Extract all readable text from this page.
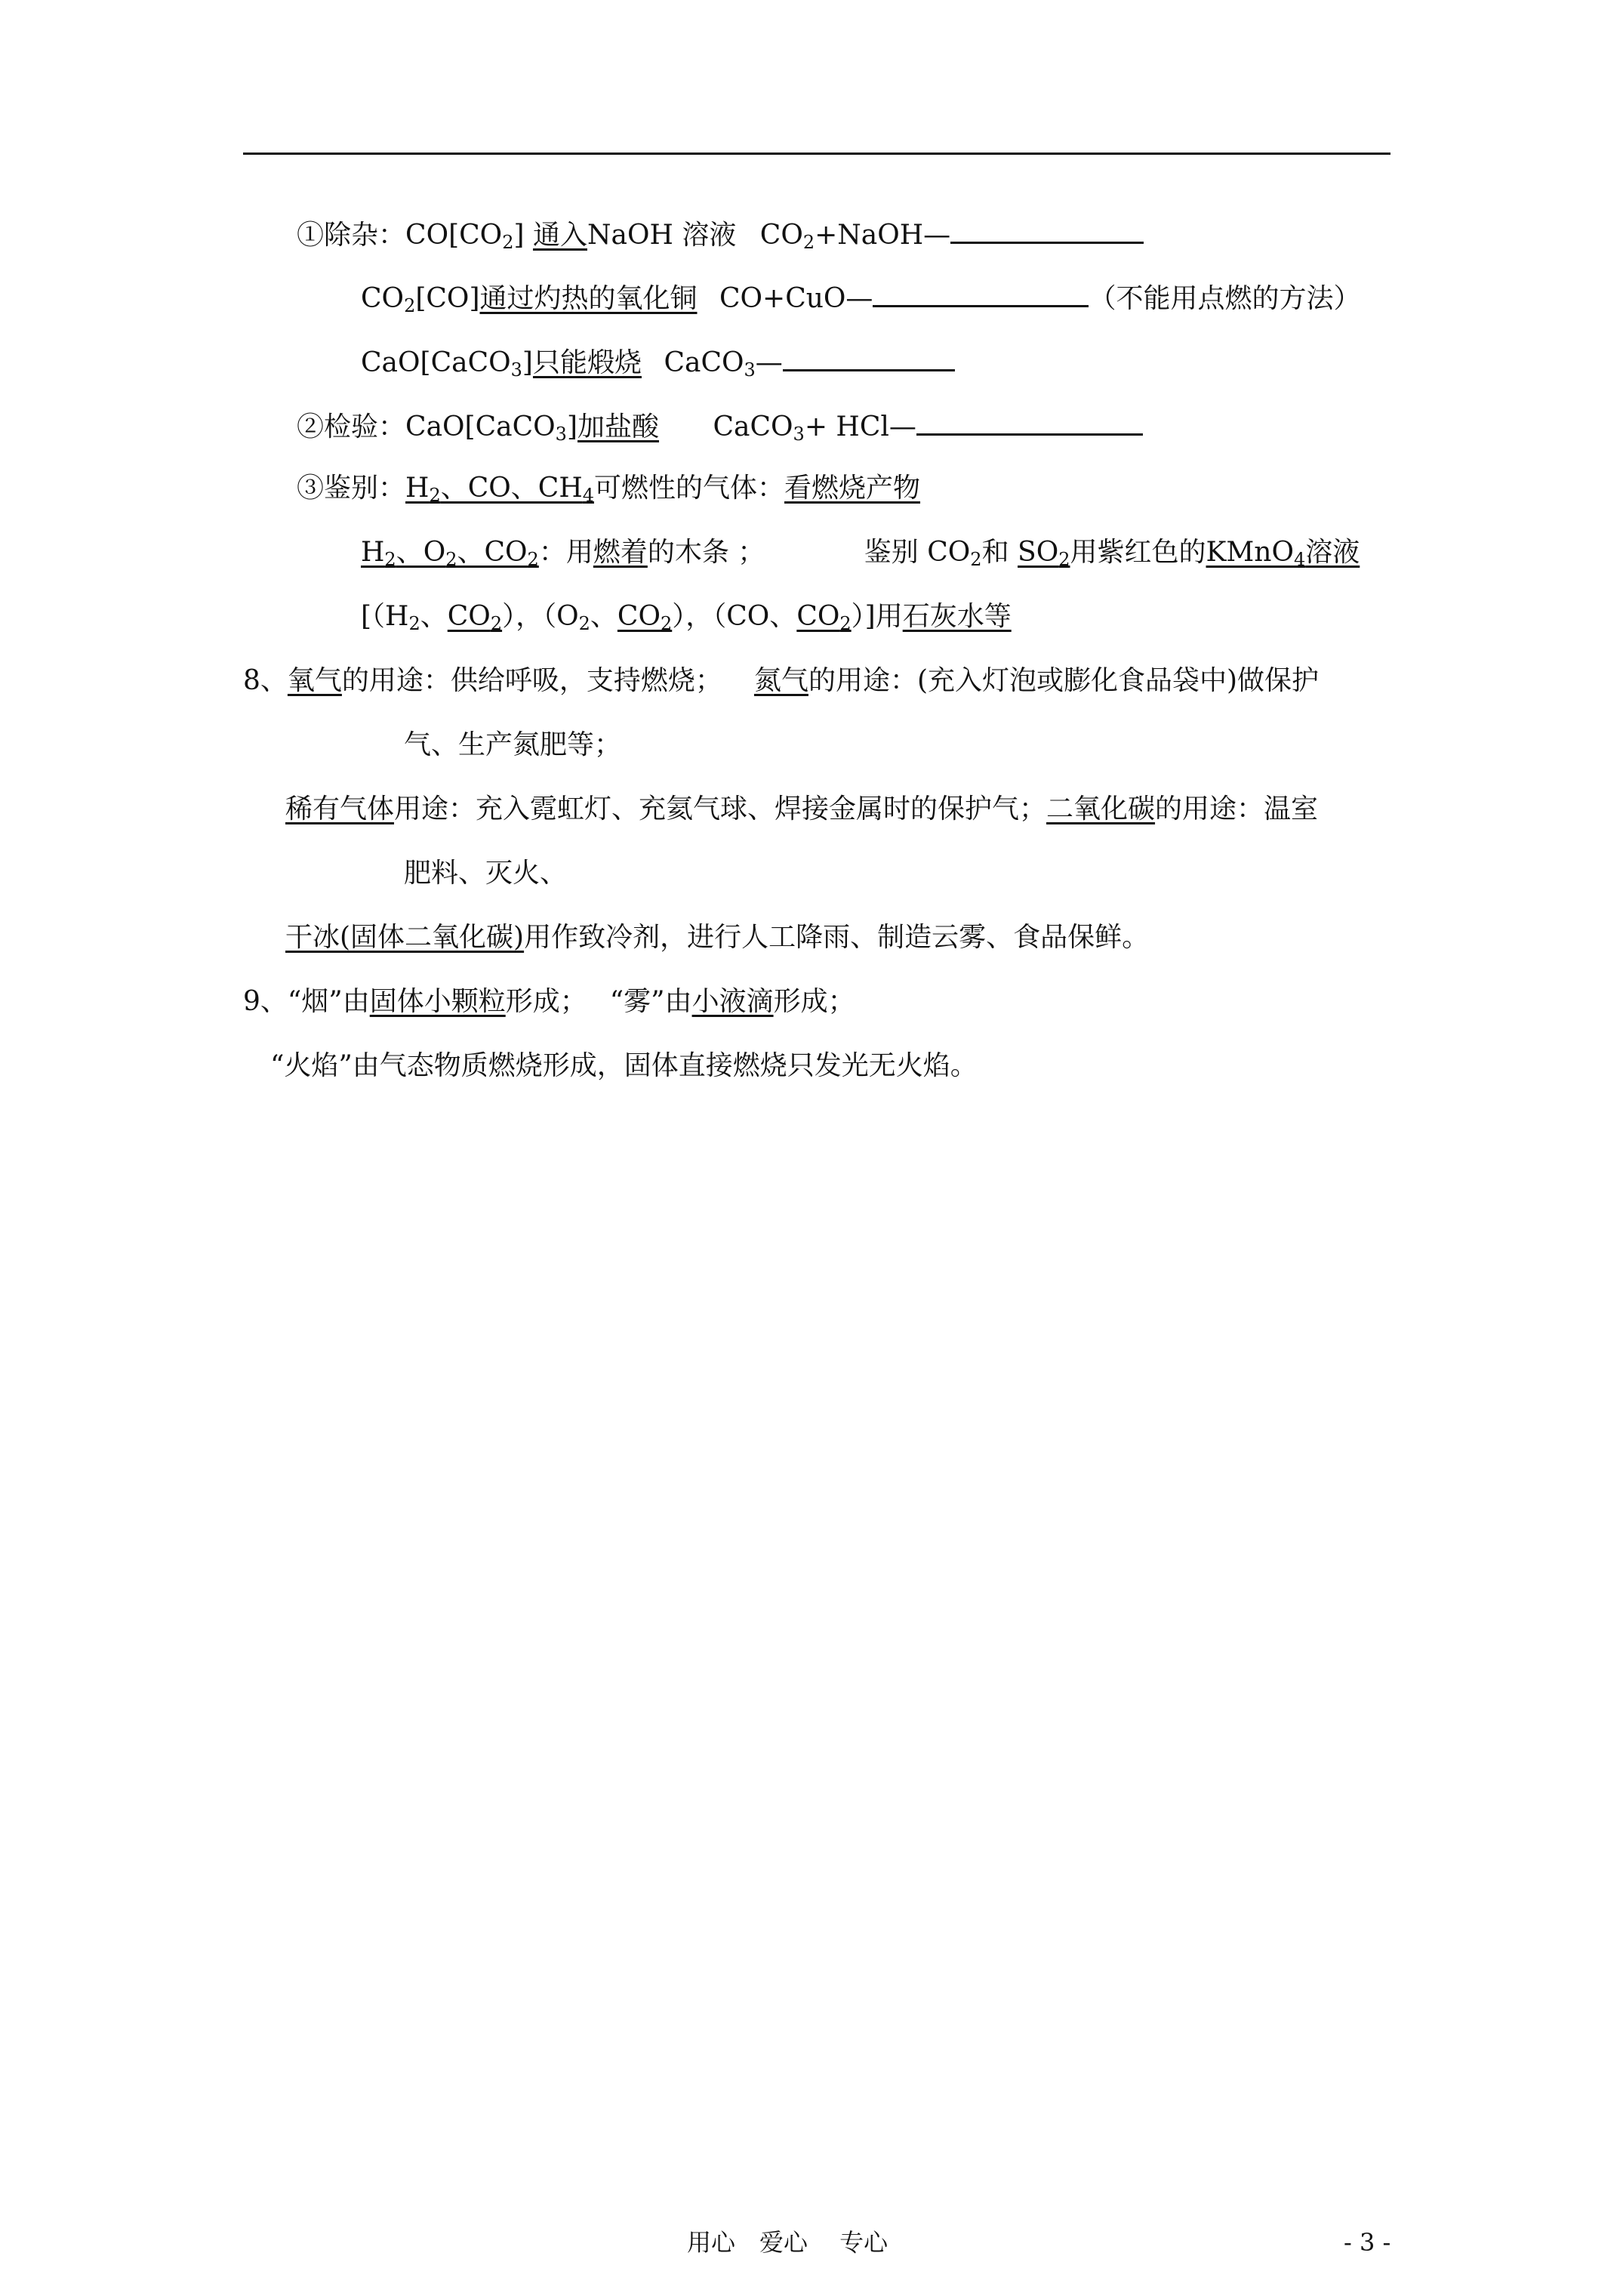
①除杂：$CO[CO_2]$ 通入NaOH 溶液 $CO_2+NaOH—$
$CO_2[CO]$通过灼热的氧化铜 CO+CuO—	（不能用点燃的方法）
CaO[CaCO$_3$]只能煅烧 CaCO$_3$—
②检验：CaO[CaCO$_3$]加盐酸 CaCO$_3$+ HCl—
③鉴别：$H_2$、CO、$CH_4$可燃性的气体：看燃烧产物
$H_2$、$O_2$、$CO_2$：用燃着的木条 ；	鉴别 $CO_2$和 $SO_2$用紫红色的KMnO$_4$溶液
[（$H_2$、$CO_2$），（$O_2$、$CO_2$），（CO、$CO_2$）]用石灰水等
8、氧气的用途：供给呼吸，支持燃烧； 氮气的用途：(充入灯泡或膨化食品袋中)做保护
气、生产氮肥等；
稀有气体用途：充入霓虹灯、充氦气球、焊接金属时的保护气；二氧化碳的用途：温室
肥料、灭火、
干冰(固体二氧化碳)用作致冷剂，进行人工降雨、制造云雾、食品保鲜。
9、“烟”由固体小颗粒形成； “雾”由小液滴形成；
“火焰”由气态物质燃烧形成，固体直接燃烧只发光无火焰。
用心　爱心　 专心	- 3 -
